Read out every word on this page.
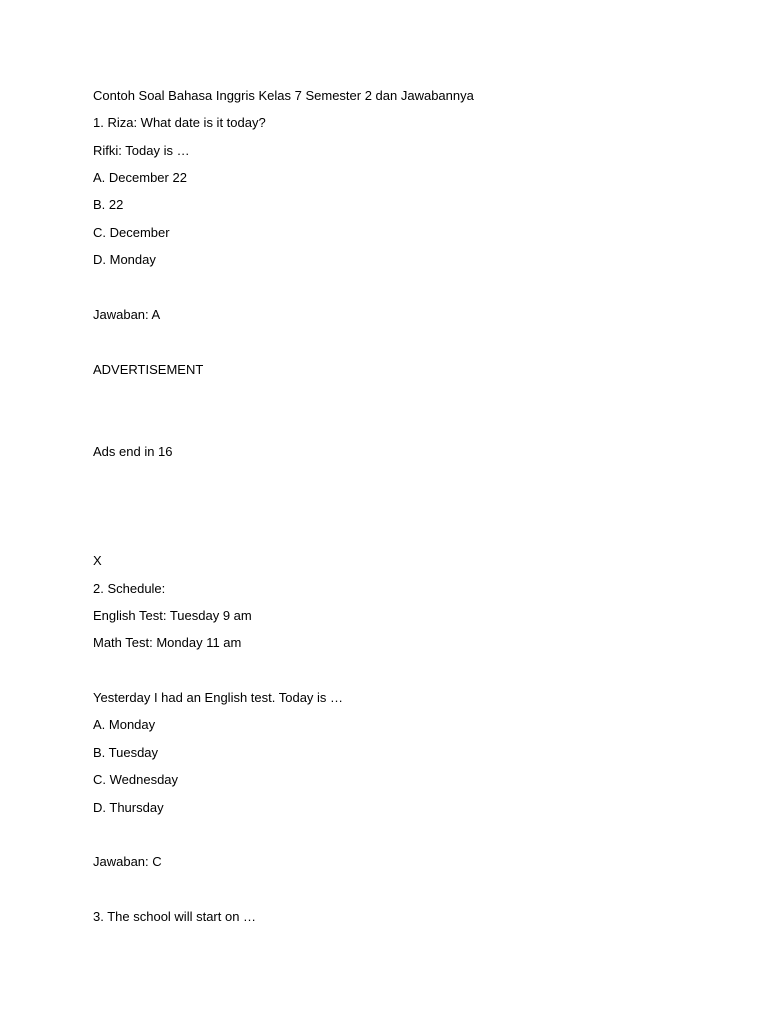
Contoh Soal Bahasa Inggris Kelas 7 Semester 2 dan Jawabannya
1. Riza: What date is it today?
Rifki: Today is …
A. December 22
B. 22
C. December
D. Monday
Jawaban: A
ADVERTISEMENT
Ads end in 16
X
2. Schedule:
English Test: Tuesday 9 am
Math Test: Monday 11 am
Yesterday I had an English test. Today is …
A. Monday
B. Tuesday
C. Wednesday
D. Thursday
Jawaban: C
3. The school will start on …
